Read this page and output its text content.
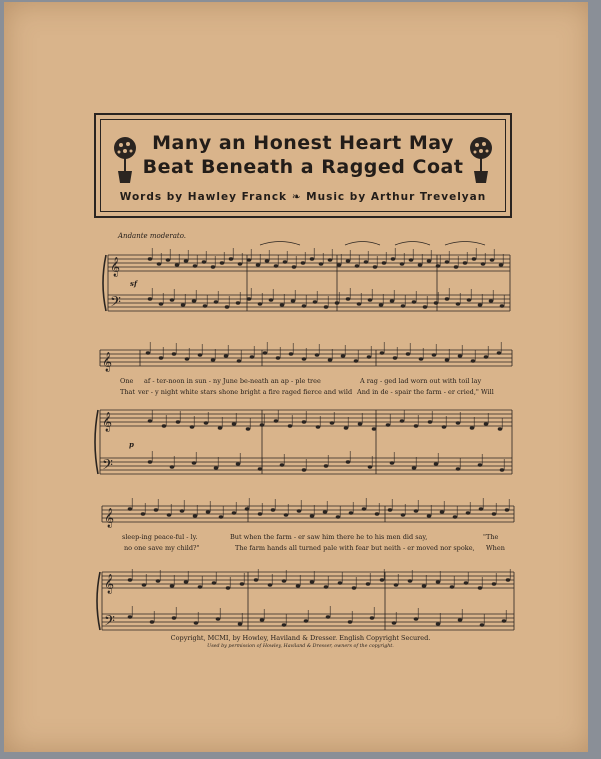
Many an Honest Heart May
Beat Beneath a Ragged Coat
Words by Hawley Franck ❧ Music by Arthur Trevelyan
Andante moderato.
𝄞
𝄢
𝄞
𝄞
𝄢
𝄞
𝄞
𝄢
sf
p
One af - ter-noon in sun - ny June be-neath an ap - ple tree	A rag - ged lad worn out with toil lay
That ver - y night white stars shone bright a fire raged fierce and wild And in de - spair the farm - er cried," Will
sleep-ing peace-ful - ly.	But when the farm - er saw him there he to his men did say,	"The
no one save my child?"	The farm hands all turned pale with fear but neith - er moved nor spoke, When
Copyright, MCMI, by Howley, Haviland & Dresser. English Copyright Secured.
Used by permission of Howley, Haviland & Dresser, owners of the copyright.
